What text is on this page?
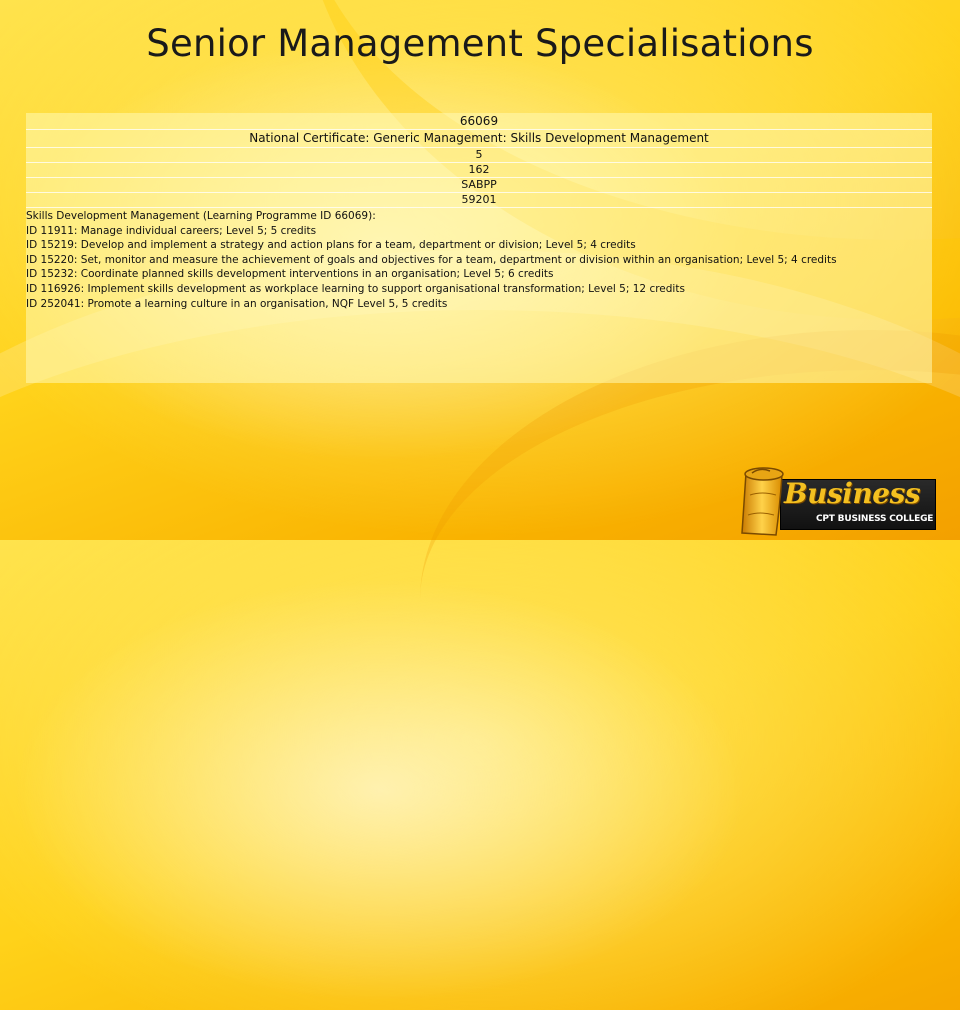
Senior Management Specialisations
66069
National Certificate: Generic Management: Skills Development Management
5
162
SABPP
59201
Skills Development Management (Learning Programme ID 66069):
ID 11911: Manage individual careers; Level 5; 5 credits
ID 15219: Develop and implement a strategy and action plans for a team, department or division; Level 5; 4 credits
ID 15220: Set, monitor and measure the achievement of goals and objectives for a team, department or division within an organisation; Level 5; 4 credits
ID 15232: Coordinate planned skills development interventions in an organisation; Level 5; 6 credits
ID 116926: Implement skills development as workplace learning to support organisational transformation; Level 5; 12 credits
ID 252041: Promote a learning culture in an organisation, NQF Level 5, 5 credits
Business
CPT BUSINESS COLLEGE
